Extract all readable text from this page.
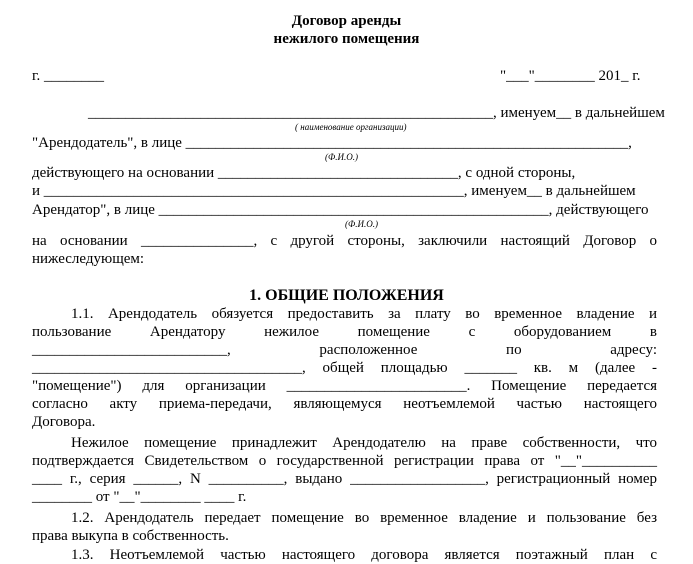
Договор аренды

нежилого помещения

г. ________	"___"________ 201_ г.

______________________________________________________, именуем__ в дальнейшем

( наименование организации)

"Арендодатель", в лице ___________________________________________________________,

(Ф.И.О.)

действующего на основании ________________________________, с одной стороны,

и ________________________________________________________, именуем__ в дальнейшем

Арендатор", в лице ____________________________________________________, действующего

(Ф.И.О.)

на основании _______________, с другой стороны, заключили настоящий Договор о

нижеследующем:

1. ОБЩИЕ ПОЛОЖЕНИЯ

1.1. Арендодатель обязуется предоставить за плату во временное владение и

пользование Арендатору нежилое помещение с оборудованием в

__________________________, расположенное по адресу:

____________________________________, общей площадью _______ кв. м (далее -

"помещение") для организации ________________________. Помещение передается

согласно акту приема-передачи, являющемуся неотъемлемой частью настоящего

Договора.

Нежилое помещение принадлежит Арендодателю на праве собственности, что

подтверждается Свидетельством о государственной регистрации права от "__"__________

____ г., серия ______, N __________, выдано __________________, регистрационный номер

________ от "__"________ ____ г.

1.2. Арендодатель передает помещение во временное владение и пользование без

права выкупа в собственность.

1.3. Неотъемлемой частью настоящего договора является поэтажный план с
